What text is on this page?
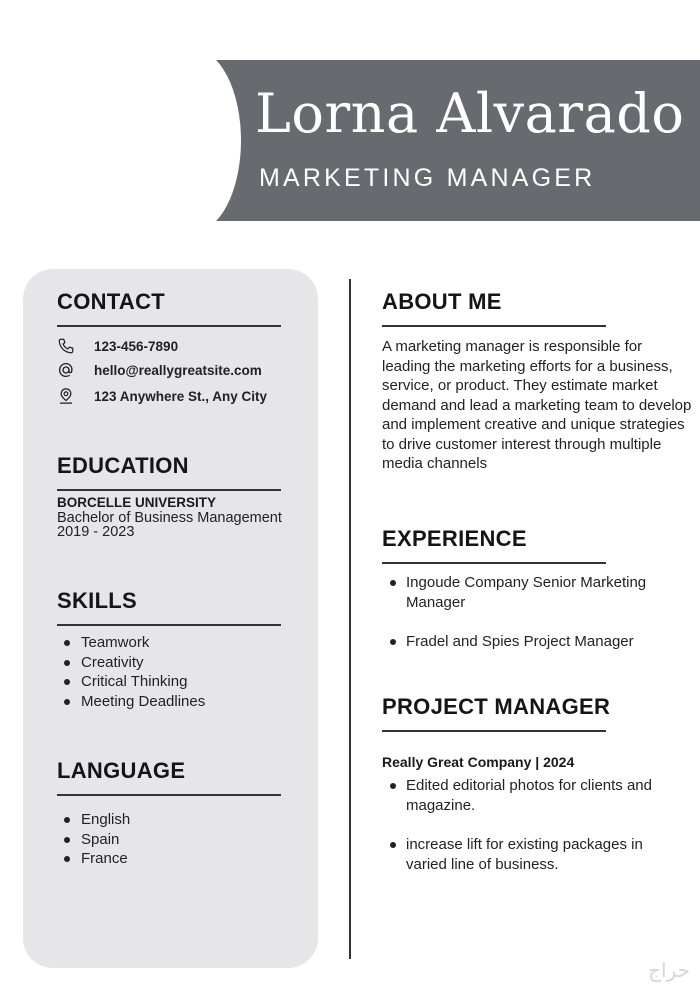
Lorna Alvarado
MARKETING MANAGER
CONTACT
123-456-7890
hello@reallygreatsite.com
123 Anywhere St., Any City
EDUCATION
BORCELLE UNIVERSITY
Bachelor of Business Management
2019 - 2023
SKILLS
Teamwork
Creativity
Critical Thinking
Meeting Deadlines
LANGUAGE
English
Spain
France
ABOUT ME
A marketing manager is responsible for leading the marketing efforts for a business, service, or product. They estimate market demand and lead a marketing team to develop and implement creative and unique strategies to drive customer interest through multiple media channels
EXPERIENCE
Ingoude Company Senior Marketing Manager
Fradel and Spies Project Manager
PROJECT MANAGER
Really Great Company | 2024
Edited editorial photos for clients and magazine.
increase lift for existing packages in varied line of business.
حراج
